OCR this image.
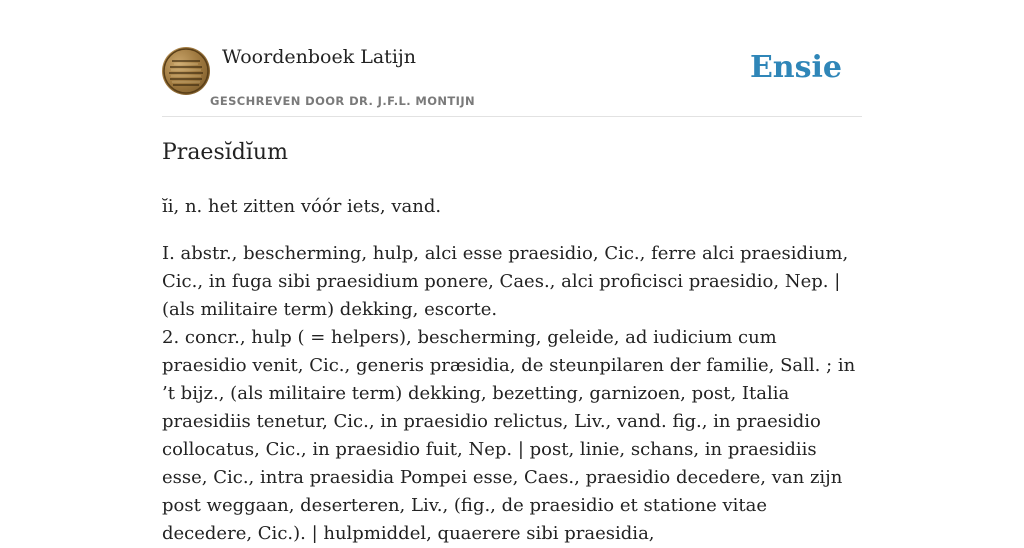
Woordenboek Latijn
GESCHREVEN DOOR DR. J.F.L. MONTIJN
Ensie
Praesĭdĭum

ĭi, n. het zitten vóór iets, vand.

I. abstr., bescherming, hulp, alci esse praesidio, Cic., ferre alci praesidium, Cic., in fuga sibi praesidium ponere, Caes., alci proficisci praesidio, Nep. | (als militaire term) dekking, escorte.

2. concr., hulp ( = helpers), bescherming, geleide, ad iudicium cum praesidio venit, Cic., generis præsidia, de steunpilaren der familie, Sall. ; in ’t bijz., (als militaire term) dekking, bezetting, garnizoen, post, Italia praesidiis tenetur, Cic., in praesidio relictus, Liv., vand. fig., in praesidio collocatus, Cic., in praesidio fuit, Nep. | post, linie, schans, in praesidiis esse, Cic., intra praesidia Pompei esse, Caes., praesidio decedere, van zijn post weggaan, deserteren, Liv., (fig., de praesidio et statione vitae decedere, Cic.). | hulpmiddel, quaerere sibi praesidia,
